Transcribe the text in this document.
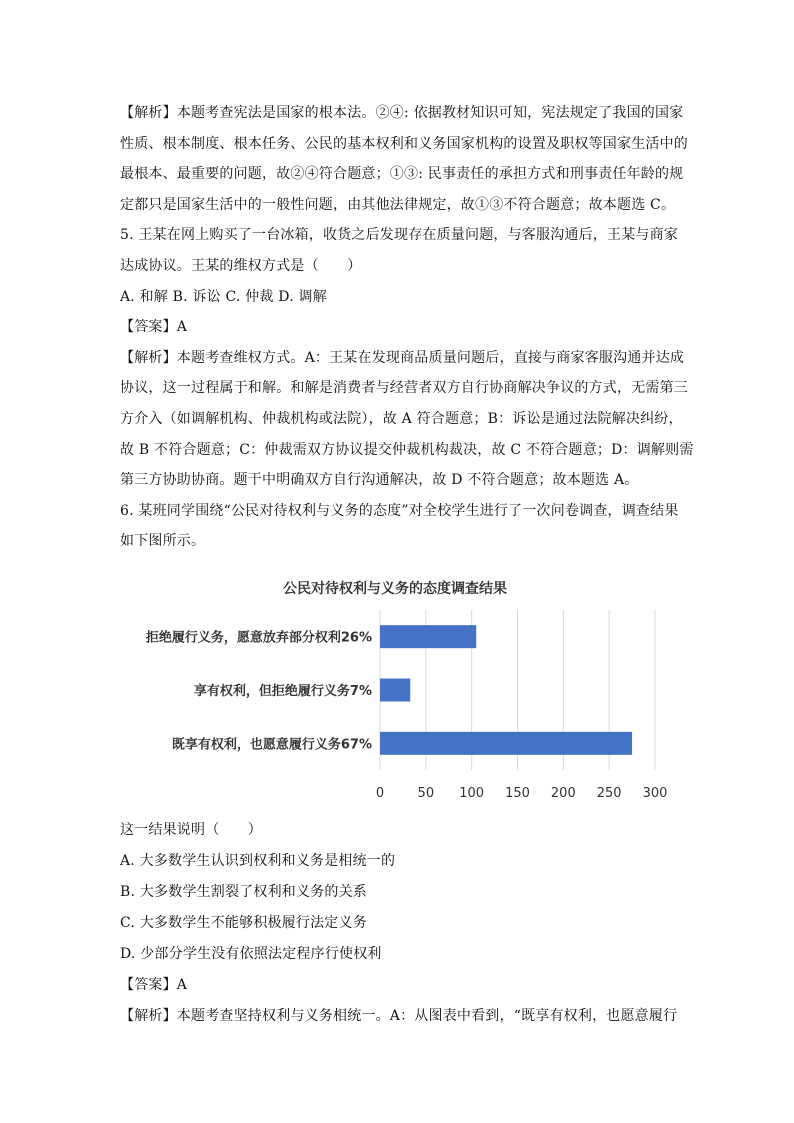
【解析】本题考查宪法是国家的根本法。②④: 依据教材知识可知，宪法规定了我国的国家
性质、根本制度、根本任务、公民的基本权利和义务国家机构的设置及职权等国家生活中的
最根本、最重要的问题，故②④符合题意；①③: 民事责任的承担方式和刑事责任年龄的规
定都只是国家生活中的一般性问题，由其他法律规定，故①③不符合题意；故本题选 C。
5. 王某在网上购买了一台冰箱，收货之后发现存在质量问题，与客服沟通后，王某与商家
达成协议。王某的维权方式是（　　）
A. 和解 B. 诉讼 C. 仲裁 D. 调解
【答案】A
【解析】本题考查维权方式。A：王某在发现商品质量问题后，直接与商家客服沟通并达成
协议，这一过程属于和解。和解是消费者与经营者双方自行协商解决争议的方式，无需第三
方介入（如调解机构、仲裁机构或法院），故 A 符合题意；B：诉讼是通过法院解决纠纷，
故 B 不符合题意；C：仲裁需双方协议提交仲裁机构裁决，故 C 不符合题意；D：调解则需
第三方协助协商。题干中明确双方自行沟通解决，故 D 不符合题意；故本题选 A。
6. 某班同学围绕“公民对待权利与义务的态度”对全校学生进行了一次问卷调查，调查结果
如下图所示。
公民对待权利与义务的态度调查结果
拒绝履行义务，愿意放弃部分权利26%
享有权利，但拒绝履行义务7%
既享有权利，也愿意履行义务67%
0	50 100 150 200 250 300
这一结果说明（　　）
A. 大多数学生认识到权利和义务是相统一的
B. 大多数学生割裂了权利和义务的关系
C. 大多数学生不能够积极履行法定义务
D. 少部分学生没有依照法定程序行使权利
【答案】A
【解析】本题考查坚持权利与义务相统一。A：从图表中看到，“既享有权利，也愿意履行
